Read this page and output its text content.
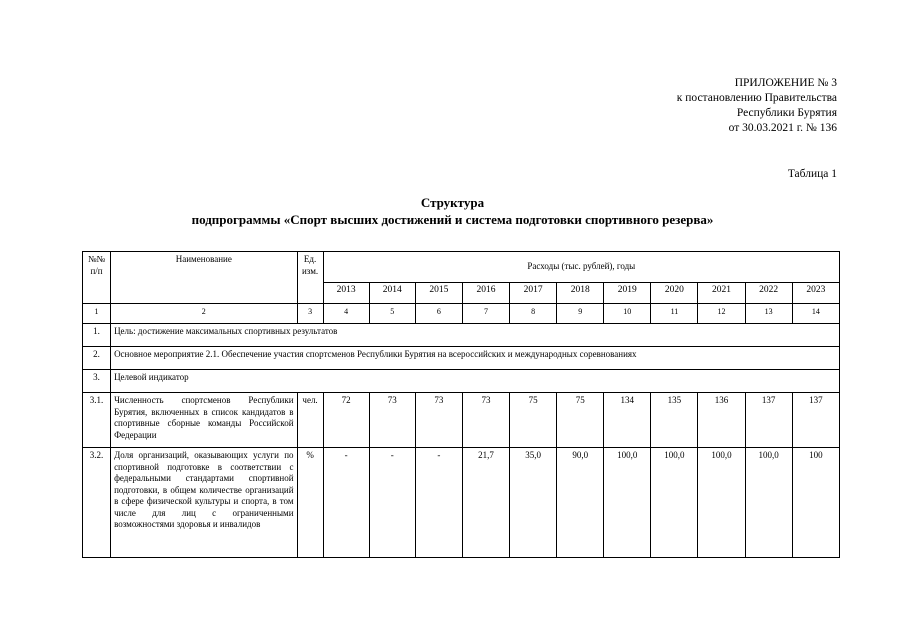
ПРИЛОЖЕНИЕ № 3
к постановлению Правительства
Республики Бурятия
от 30.03.2021 г. № 136
Таблица 1
Структура
подпрограммы «Спорт высших достижений и система подготовки спортивного резерва»
№№ п/п	Наименование	Ед. изм.	Расходы (тыс. рублей), годы										
			2013	2014	2015	2016	2017	2018	2019	2020	2021	2022	2023
1	2	3	4	5	6	7	8	9	10	11	12	13	14
1.	Цель: достижение максимальных спортивных результатов												
2.	Основное мероприятие 2.1. Обеспечение участия спортсменов Республики Бурятия на всероссийских и международных соревнованиях												
3.	Целевой индикатор												
3.1.	Численность спортсменов Республики Бурятия, включенных в список кандидатов в спортивные сборные команды Российской Федерации	чел.	72	73	73	73	75	75	134	135	136	137	137
3.2.	Доля организаций, оказывающих услуги по спортивной подготовке в соответствии с федеральными стандартами спортивной подготовки, в общем количестве организаций в сфере физической культуры и спорта, в том числе для лиц с ограниченными возможностями здоровья и инвалидов	%	-	-	-	21,7	35,0	90,0	100,0	100,0	100,0	100,0	100
